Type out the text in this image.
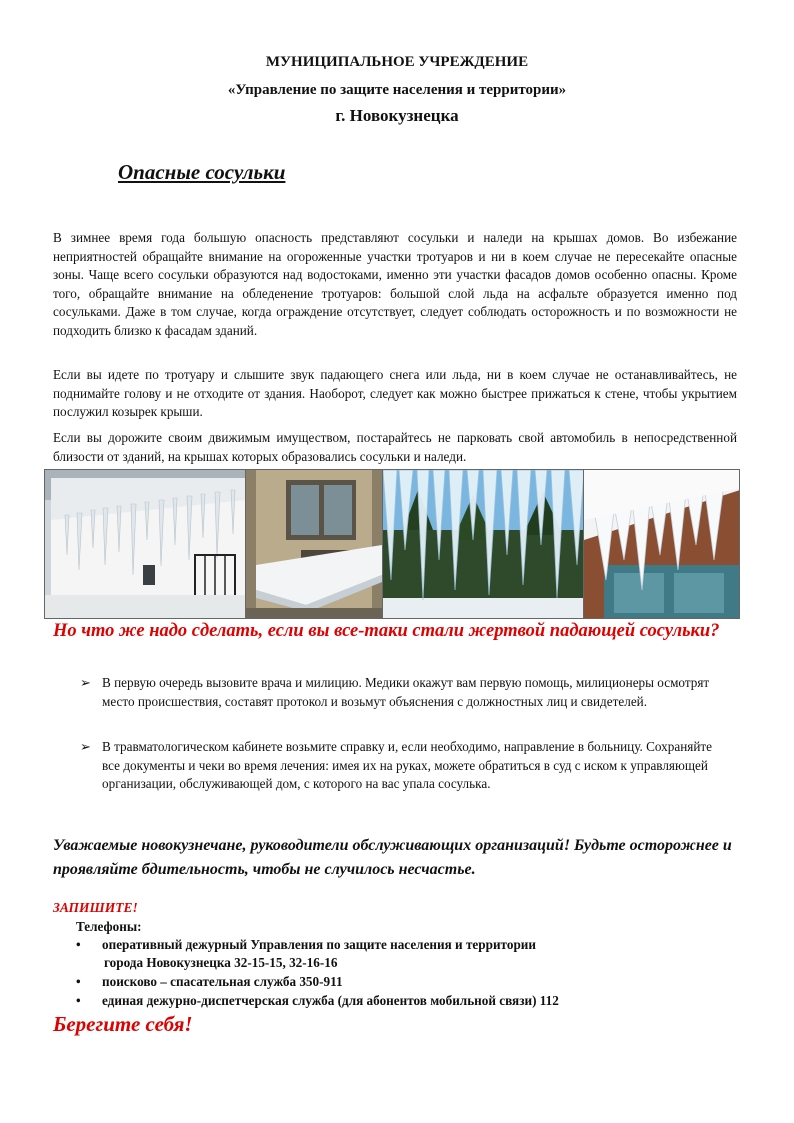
МУНИЦИПАЛЬНОЕ УЧРЕЖДЕНИЕ
«Управление по защите населения и территории»
г. Новокузнецка
Опасные сосульки
В зимнее время года большую опасность представляют сосульки и наледи на крышах домов. Во избежание неприятностей обращайте внимание на огороженные участки тротуаров и ни в коем случае не пересекайте опасные зоны. Чаще всего сосульки образуются над водостоками, именно эти участки фасадов домов особенно опасны. Кроме того, обращайте внимание на обледенение тротуаров: большой слой льда на асфальте образуется именно под сосульками. Даже в том случае, когда ограждение отсутствует, следует соблюдать осторожность и по возможности не подходить близко к фасадам зданий.
Если вы идете по тротуару и слышите звук падающего снега или льда, ни в коем случае не останавливайтесь, не поднимайте голову и не отходите от здания. Наоборот, следует как можно быстрее прижаться к стене, чтобы укрытием послужил козырек крыши.
Если вы дорожите своим движимым имуществом, постарайтесь не парковать свой автомобиль в непосредственной близости от зданий, на крышах которых образовались сосульки и наледи.
Но что же надо сделать, если вы все-таки стали жертвой падающей сосульки?
➢ В первую очередь вызовите врача и милицию. Медики окажут вам первую помощь, милиционеры осмотрят место происшествия, составят протокол и возьмут объяснения с должностных лиц и свидетелей.
➢ В травматологическом кабинете возьмите справку и, если необходимо, направление в больницу. Сохраняйте все документы и чеки во время лечения: имея их на руках, можете обратиться в суд с иском к управляющей организации, обслуживающей дом, с которого на вас упала сосулька.
Уважаемые новокузнечане, руководители обслуживающих организаций! Будьте осторожнее и проявляйте бдительность, чтобы не случилось несчастье.
ЗАПИШИТЕ!
Телефоны:
• оперативный дежурный Управления по защите населения и территории
города Новокузнецка 32-15-15, 32-16-16
• поисково – спасательная служба 350-911
• единая дежурно-диспетчерская служба (для абонентов мобильной связи) 112
Берегите себя!
